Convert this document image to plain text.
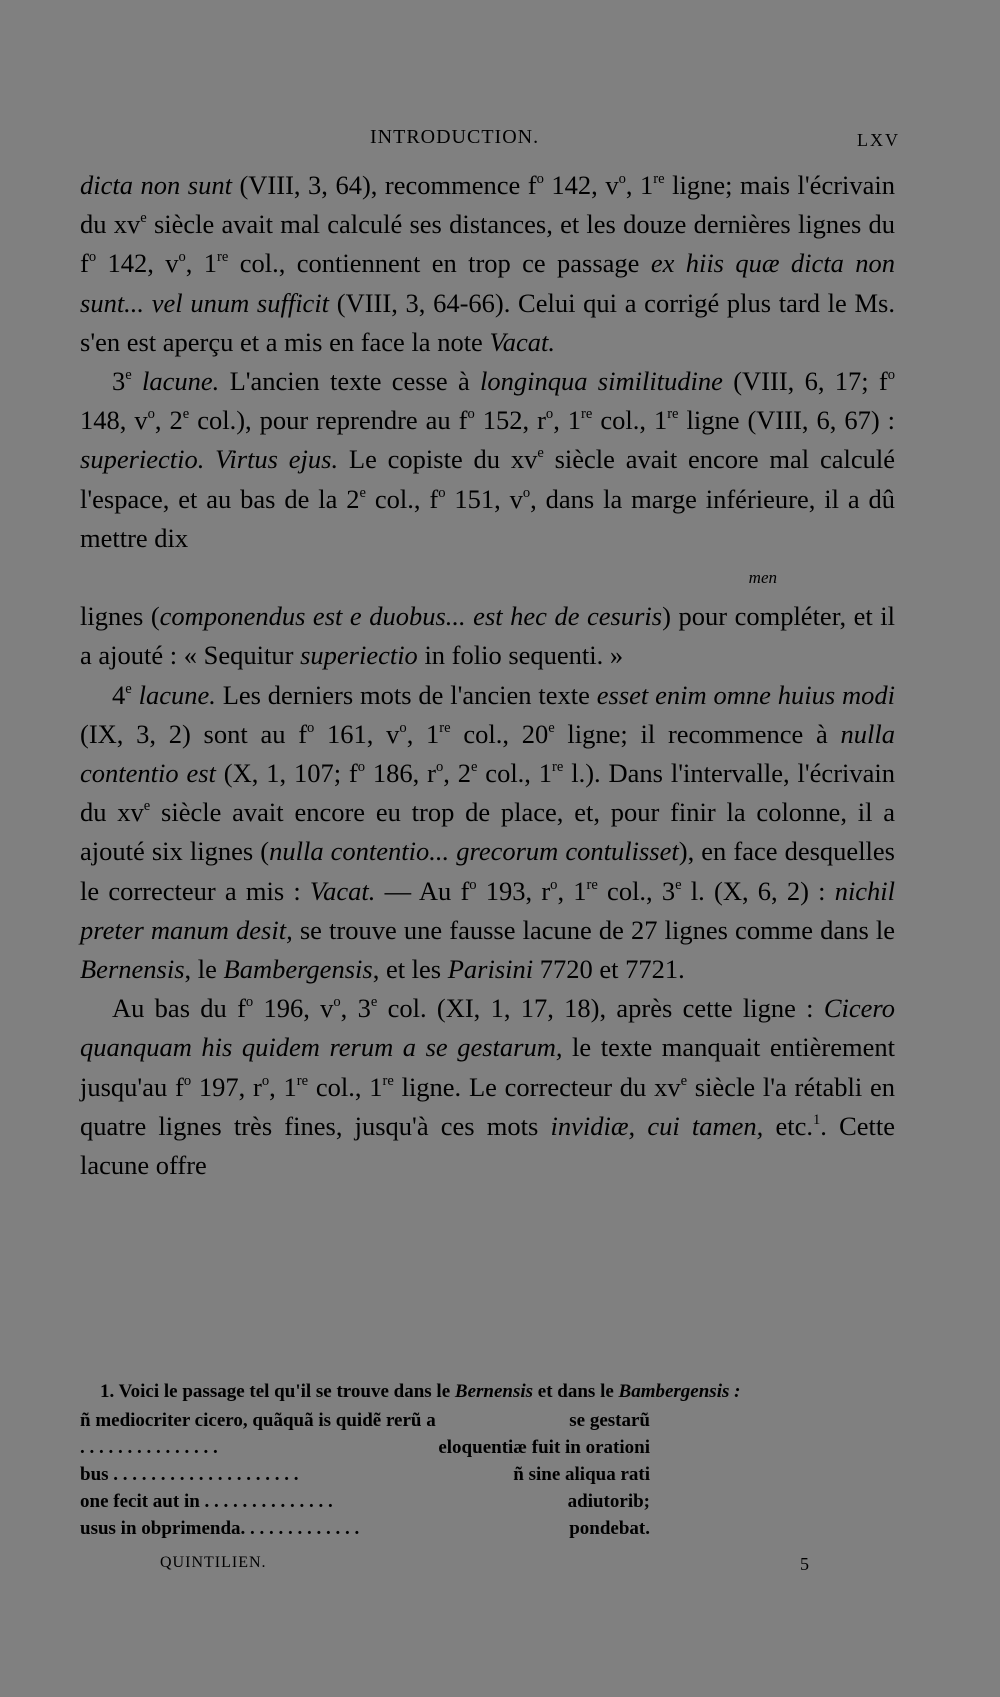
INTRODUCTION.	LXV

dicta non sunt (VIII, 3, 64), recommence $f^o$ 142, $v^o$, 1re ligne; mais l'écrivain du $xv^e$ siècle avait mal calculé ses distances, et les douze dernières lignes du $f^o$ 142, $v^o$, 1re col., contiennent en trop ce passage ex hiis quæ dicta non sunt... vel unum sufficit (VIII, 3, 64-66). Celui qui a corrigé plus tard le Ms. s'en est aperçu et a mis en face la note Vacat.

3e lacune. L'ancien texte cesse à longinqua similitudine (VIII, 6, 17; $f^o$ 148, $v^o$, 2e col.), pour reprendre au $f^o$ 152, $r^o$, 1re col., 1re ligne (VIII, 6, 67) : superiectio. Virtus ejus. Le copiste du $xv^e$ siècle avait encore mal calculé l'espace, et au bas de la 2e col., $f^o$ 151, $v^o$, dans la marge inférieure, il a dû mettre dix
men
lignes (componendus est e duobus... est hec de cesuris) pour compléter, et il a ajouté : « Sequitur superiectio in folio sequenti. »

4e lacune. Les derniers mots de l'ancien texte esset enim omne huius modi (IX, 3, 2) sont au $f^o$ 161, $v^o$, 1re col., 20e ligne; il recommence à nulla contentio est (X, 1, 107; $f^o$ 186, $r^o$, 2e col., 1re l.). Dans l'intervalle, l'écrivain du $xv^e$ siècle avait encore eu trop de place, et, pour finir la colonne, il a ajouté six lignes (nulla contentio... grecorum contulisset), en face desquelles le correcteur a mis : Vacat. — Au $f^o$ 193, $r^o$, 1re col., 3e l. (X, 6, 2) : nichil preter manum desit, se trouve une fausse lacune de 27 lignes comme dans le Bernensis, le Bambergensis, et les Parisini 7720 et 7721.

Au bas du $f^o$ 196, $v^o$, 3e col. (XI, 1, 17, 18), après cette ligne : Cicero quanquam his quidem rerum a se gestarum, le texte manquait entièrement jusqu'au $f^o$ 197, $r^o$, 1re col., 1re ligne. Le correcteur du $xv^e$ siècle l'a rétabli en quatre lignes très fines, jusqu'à ces mots invidiæ, cui tamen, etc.$^1$. Cette lacune offre

1. Voici le passage tel qu'il se trouve dans le Bernensis et dans le Bambergensis :
ñ mediocriter cicero, quãquã is quidẽ rerũ a	se gestarũ
. . . . . . . . . . . . . . .	eloquentiæ fuit in orationi
bus . . . . . . . . . . . . . . . . . . . .	ñ sine aliqua rati
one fecit aut in . . . . . . . . . . . . . .	adiutorib;
usus in obprimenda. . . . . . . . . . . . .	pondebat.
QUINTILIEN.	5
